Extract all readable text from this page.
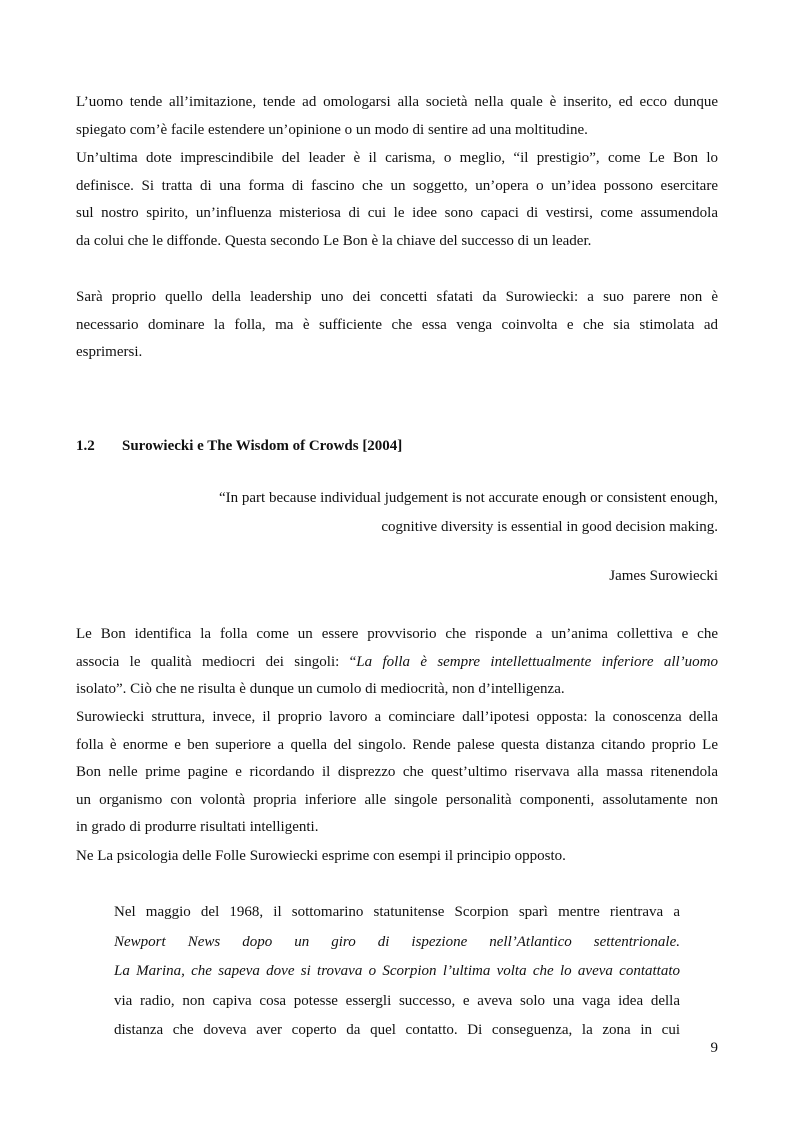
L’uomo tende all’imitazione, tende ad omologarsi alla società nella quale è inserito, ed ecco dunque
spiegato com’è facile estendere un’opinione o un modo di sentire ad una moltitudine.

Un’ultima dote imprescindibile del leader è il carisma, o meglio, “il prestigio”, come Le Bon lo
definisce. Si tratta di una forma di fascino che un soggetto, un’opera o un’idea possono esercitare
sul nostro spirito, un’influenza misteriosa di cui le idee sono capaci di vestirsi, come assumendola
da colui che le diffonde. Questa secondo Le Bon è la chiave del successo di un leader.

Sarà proprio quello della leadership uno dei concetti sfatati da Surowiecki: a suo parere non è
necessario dominare la folla, ma è sufficiente che essa venga coinvolta e che sia stimolata ad
esprimersi.

1.2 Surowiecki e The Wisdom of Crowds [2004]
“In part because individual judgement is not accurate enough or consistent enough,
cognitive diversity is essential in good decision making.
James Surowiecki

Le Bon identifica la folla come un essere provvisorio che risponde a un’anima collettiva e che
associa le qualità mediocri dei singoli: “La folla è sempre intellettualmente inferiore all’uomo
isolato”. Ciò che ne risulta è dunque un cumolo di mediocrità, non d’intelligenza.

Surowiecki struttura, invece, il proprio lavoro a cominciare dall’ipotesi opposta: la conoscenza della
folla è enorme e ben superiore a quella del singolo. Rende palese questa distanza citando proprio Le
Bon nelle prime pagine e ricordando il disprezzo che quest’ultimo riservava alla massa ritenendola
un organismo con volontà propria inferiore alle singole personalità componenti, assolutamente non
in grado di produrre risultati intelligenti.

Ne La psicologia delle Folle Surowiecki esprime con esempi il principio opposto.

Nel maggio del 1968, il sottomarino statunitense Scorpion sparì mentre rientrava a
Newport News dopo un giro di ispezione nell’Atlantico settentrionale.
La Marina, che sapeva dove si trovava o Scorpion l’ultima volta che lo aveva contattato
via radio, non capiva cosa potesse essergli successo, e aveva solo una vaga idea della
distanza che doveva aver coperto da quel contatto. Di conseguenza, la zona in cui
9
